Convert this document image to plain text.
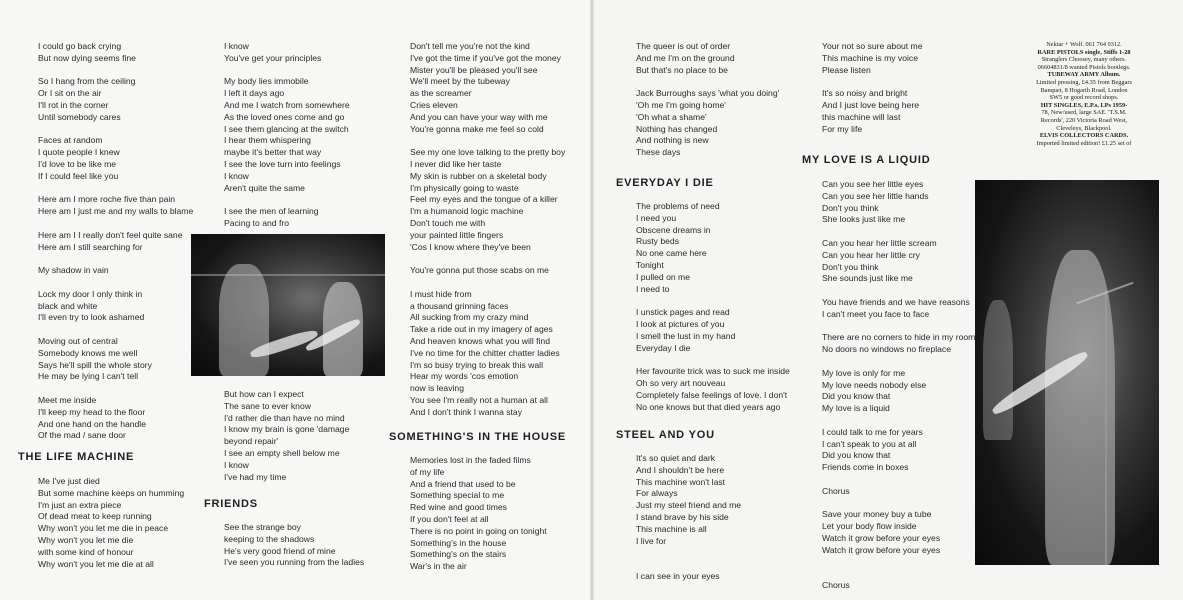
I could go back crying
But now dying seems fine
So I hang from the ceiling
Or I sit on the air
I'll rot in the corner
Until somebody cares
Faces at random
I quote people I knew
I'd love to be like me
If I could feel like you
Here am I more roche five than pain
Here am I just me and my walls to blame
Here am I I really don't feel quite sane
Here am I still searching for
My shadow in vain
Lock my door I only think in
black and white
I'll even try to look ashamed
Moving out of central
Somebody knows me well
Says he'll spill the whole story
He may be lying I can't tell
Meet me inside
I'll keep my head to the floor
And one hand on the handle
Of the mad / sane door
THE LIFE MACHINE
Me I've just died
But some machine keeps on humming
I'm just an extra piece
Of dead meat to keep running
Why won't you let me die in peace
Why won't you let me die
with some kind of honour
Why won't you let me die at all
I know
You've get your principles
My body lies immobile
I left it days ago
And me I watch from somewhere
As the loved ones come and go
I see them glancing at the switch
I hear them whispering
maybe it's better that way
I see the love turn into feelings
I know
Aren't quite the same
I see the men of learning
Pacing to and fro
But how can I expect
The sane to ever know
I'd rather die than have no mind
I know my brain is gone 'damage
beyond repair'
I see an empty shell below me
I know
I've had my time
FRIENDS
See the strange boy
keeping to the shadows
He's very good friend of mine
I've seen you running from the ladies
Don't tell me you're not the kind
I've got the time if you've got the money
Mister you'll be pleased you'll see
We'll meet by the tubeway
as the screamer
Cries eleven
And you can have your way with me
You're gonna make me feel so cold
See my one love talking to the pretty boy
I never did like her taste
My skin is rubber on a skeletal body
I'm physically going to waste
Feel my eyes and the tongue of a killer
I'm a humanoid logic machine
Don't touch me with
your painted little fingers
'Cos I know where they've been
You're gonna put those scabs on me
I must hide from
a thousand grinning faces
All sucking from my crazy mind
Take a ride out in my imagery of ages
And heaven knows what you will find
I've no time for the chitter chatter ladies
I'm so busy trying to break this wall
Hear my words 'cos emotion
now is leaving
You see I'm really not a human at all
And I don't think I wanna stay
SOMETHING'S IN THE HOUSE
Memories lost in the faded films
of my life
And a friend that used to be
Something special to me
Red wine and good times
If you don't feel at all
There is no point in going on tonight
Something's in the house
Something's on the stairs
War's in the air
The queer is out of order
And me I'm on the ground
But that's no place to be
Jack Burroughs says 'what you doing'
'Oh me I'm going home'
'Oh what a shame'
Nothing has changed
And nothing is new
These days
EVERYDAY I DIE
The problems of need
I need you
Obscene dreams in
Rusty beds
No one came here
Tonight
I pulled on me
I need to
I unstick pages and read
I look at pictures of you
I smell the lust in my hand
Everyday I die
Her favourite trick was to suck me inside
Oh so very art nouveau
Completely false feelings of love. I don't
No one knows but that died years ago
STEEL AND YOU
It's so quiet and dark
And I shouldn't be here
This machine won't last
For always
Just my steel friend and me
I stand brave by his side
This machine is all
I live for
I can see in your eyes
Your not so sure about me
This machine is my voice
Please listen
It's so noisy and bright
And I just love being here
this machine will last
For my life
MY LOVE IS A LIQUID
Can you see her little eyes
Can you see her little hands
Don't you think
She looks just like me
Can you hear her little scream
Can you hear her little cry
Don't you think
She sounds just like me
You have friends and we have reasons
I can't meet you face to face
There are no corners to hide in my room
No doors no windows no fireplace
My love is only for me
My love needs nobody else
Did you know that
My love is a liquid
I could talk to me for years
I can't speak to you at all
Did you know that
Friends come in boxes
Chorus
Save your money buy a tube
Let your body flow inside
Watch it grow before your eyes
Watch it grow before your eyes
Chorus
Nektar + Wolf. 061 764 9312.
RARE PISTOLS single, Stiffs 1-28
Stranglers Choosey, many others.
06604831/8 wanted Pistols bootlegs.
TUBEWAY ARMY Album.
Limited pressing, £4.35 from Beggars
Banquet, 8 Hogarth Road, London
SW5 or good record shops.
HIT SINGLES, E.P.s, LPs 1959-
78, New/used, large SAE. 'T.S.M.
Records', 220 Victoria Road West,
Cleveleys, Blackpool.
ELVIS COLLECTORS CARDS.
Imported limited edition! £1.25 set of
